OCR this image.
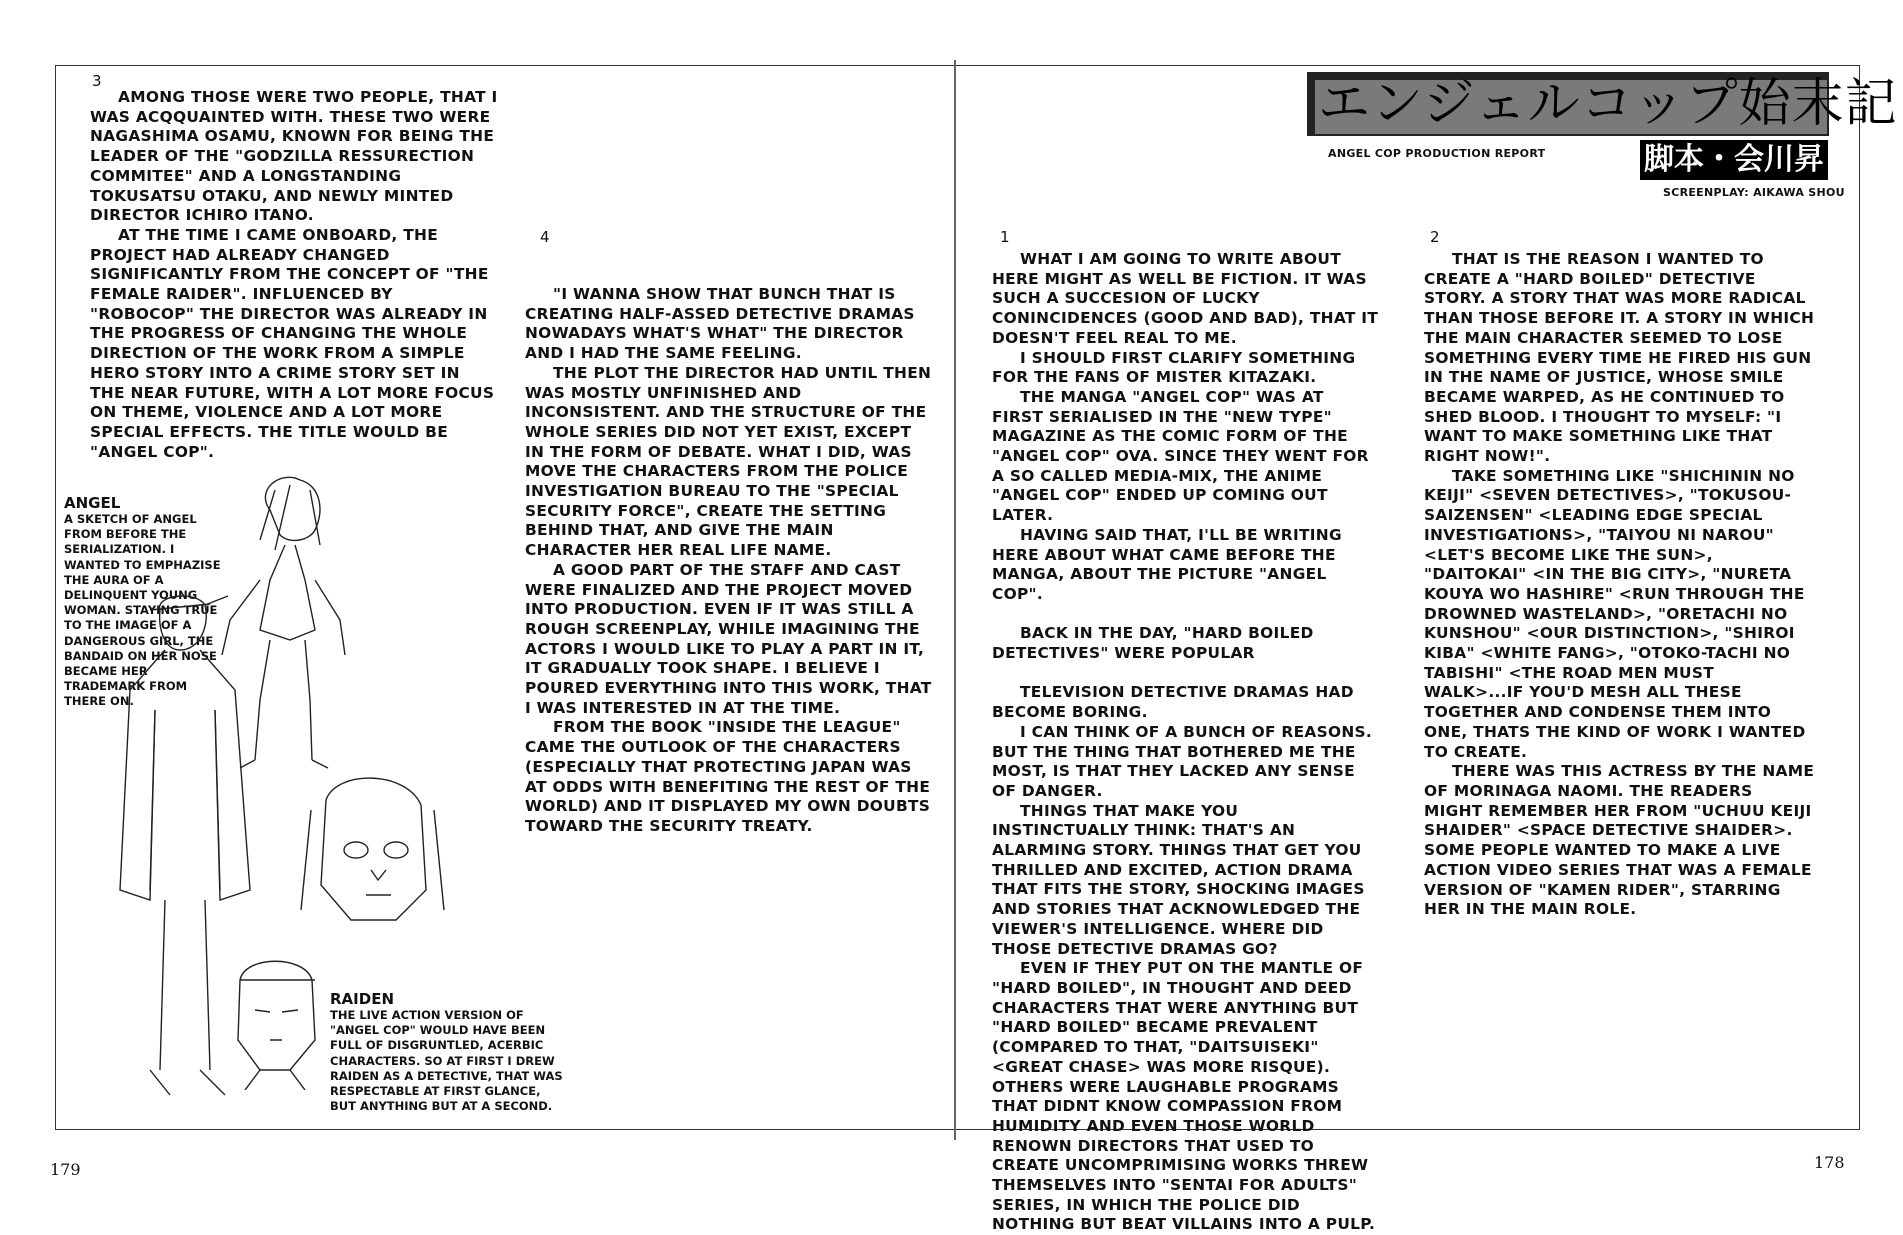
エンジェルコップ始末記
脚本・会川昇
ANGEL COP PRODUCTION REPORT
SCREENPLAY: AIKAWA SHOU
3

AMONG THOSE WERE TWO PEOPLE, THAT I WAS ACQQUAINTED WITH. THESE TWO WERE NAGASHIMA OSAMU, KNOWN FOR BEING THE LEADER OF THE "GODZILLA RESSURECTION COMMITEE" AND A LONGSTANDING TOKUSATSU OTAKU, AND NEWLY MINTED DIRECTOR ICHIRO ITANO.

AT THE TIME I CAME ONBOARD, THE PROJECT HAD ALREADY CHANGED SIGNIFICANTLY FROM THE CONCEPT OF "THE FEMALE RAIDER". INFLUENCED BY "ROBOCOP" THE DIRECTOR WAS ALREADY IN THE PROGRESS OF CHANGING THE WHOLE DIRECTION OF THE WORK FROM A SIMPLE HERO STORY INTO A CRIME STORY SET IN THE NEAR FUTURE, WITH A LOT MORE FOCUS ON THEME, VIOLENCE AND A LOT MORE SPECIAL EFFECTS. THE TITLE WOULD BE "ANGEL COP".

4

"I WANNA SHOW THAT BUNCH THAT IS CREATING HALF-ASSED DETECTIVE DRAMAS NOWADAYS WHAT'S WHAT" THE DIRECTOR AND I HAD THE SAME FEELING.

THE PLOT THE DIRECTOR HAD UNTIL THEN WAS MOSTLY UNFINISHED AND INCONSISTENT. AND THE STRUCTURE OF THE WHOLE SERIES DID NOT YET EXIST, EXCEPT IN THE FORM OF DEBATE. WHAT I DID, WAS MOVE THE CHARACTERS FROM THE POLICE INVESTIGATION BUREAU TO THE "SPECIAL SECURITY FORCE", CREATE THE SETTING BEHIND THAT, AND GIVE THE MAIN CHARACTER HER REAL LIFE NAME.

A GOOD PART OF THE STAFF AND CAST WERE FINALIZED AND THE PROJECT MOVED INTO PRODUCTION. EVEN IF IT WAS STILL A ROUGH SCREENPLAY, WHILE IMAGINING THE ACTORS I WOULD LIKE TO PLAY A PART IN IT, IT GRADUALLY TOOK SHAPE. I BELIEVE I POURED EVERYTHING INTO THIS WORK, THAT I WAS INTERESTED IN AT THE TIME.

FROM THE BOOK "INSIDE THE LEAGUE" CAME THE OUTLOOK OF THE CHARACTERS (ESPECIALLY THAT PROTECTING JAPAN WAS AT ODDS WITH BENEFITING THE REST OF THE WORLD) AND IT DISPLAYED MY OWN DOUBTS TOWARD THE SECURITY TREATY.

1

WHAT I AM GOING TO WRITE ABOUT HERE MIGHT AS WELL BE FICTION. IT WAS SUCH A SUCCESION OF LUCKY CONINCIDENCES (GOOD AND BAD), THAT IT DOESN'T FEEL REAL TO ME.

I SHOULD FIRST CLARIFY SOMETHING FOR THE FANS OF MISTER KITAZAKI.

THE MANGA "ANGEL COP" WAS AT FIRST SERIALISED IN THE "NEW TYPE" MAGAZINE AS THE COMIC FORM OF THE "ANGEL COP" OVA. SINCE THEY WENT FOR A SO CALLED MEDIA-MIX, THE ANIME "ANGEL COP" ENDED UP COMING OUT LATER.

HAVING SAID THAT, I'LL BE WRITING HERE ABOUT WHAT CAME BEFORE THE MANGA, ABOUT THE PICTURE "ANGEL COP".

BACK IN THE DAY, "HARD BOILED DETECTIVES" WERE POPULAR

TELEVISION DETECTIVE DRAMAS HAD BECOME BORING.

I CAN THINK OF A BUNCH OF REASONS. BUT THE THING THAT BOTHERED ME THE MOST, IS THAT THEY LACKED ANY SENSE OF DANGER.

THINGS THAT MAKE YOU INSTINCTUALLY THINK: THAT'S AN ALARMING STORY. THINGS THAT GET YOU THRILLED AND EXCITED, ACTION DRAMA THAT FITS THE STORY, SHOCKING IMAGES AND STORIES THAT ACKNOWLEDGED THE VIEWER'S INTELLIGENCE. WHERE DID THOSE DETECTIVE DRAMAS GO?

EVEN IF THEY PUT ON THE MANTLE OF "HARD BOILED", IN THOUGHT AND DEED CHARACTERS THAT WERE ANYTHING BUT "HARD BOILED" BECAME PREVALENT (COMPARED TO THAT, "DAITSUISEKI" <GREAT CHASE> WAS MORE RISQUE). OTHERS WERE LAUGHABLE PROGRAMS THAT DIDNT KNOW COMPASSION FROM HUMIDITY AND EVEN THOSE WORLD RENOWN DIRECTORS THAT USED TO CREATE UNCOMPRIMISING WORKS THREW THEMSELVES INTO "SENTAI FOR ADULTS" SERIES, IN WHICH THE POLICE DID NOTHING BUT BEAT VILLAINS INTO A PULP.

2

THAT IS THE REASON I WANTED TO CREATE A "HARD BOILED" DETECTIVE STORY. A STORY THAT WAS MORE RADICAL THAN THOSE BEFORE IT. A STORY IN WHICH THE MAIN CHARACTER SEEMED TO LOSE SOMETHING EVERY TIME HE FIRED HIS GUN IN THE NAME OF JUSTICE, WHOSE SMILE BECAME WARPED, AS HE CONTINUED TO SHED BLOOD. I THOUGHT TO MYSELF: "I WANT TO MAKE SOMETHING LIKE THAT RIGHT NOW!".

TAKE SOMETHING LIKE "SHICHININ NO KEIJI" <SEVEN DETECTIVES>, "TOKUSOU-SAIZENSEN" <LEADING EDGE SPECIAL INVESTIGATIONS>, "TAIYOU NI NAROU" <LET'S BECOME LIKE THE SUN>, "DAITOKAI" <IN THE BIG CITY>, "NURETA KOUYA WO HASHIRE" <RUN THROUGH THE DROWNED WASTELAND>, "ORETACHI NO KUNSHOU" <OUR DISTINCTION>, "SHIROI KIBA" <WHITE FANG>, "OTOKO-TACHI NO TABISHI" <THE ROAD MEN MUST WALK>...IF YOU'D MESH ALL THESE TOGETHER AND CONDENSE THEM INTO ONE, THATS THE KIND OF WORK I WANTED TO CREATE.

THERE WAS THIS ACTRESS BY THE NAME OF MORINAGA NAOMI. THE READERS MIGHT REMEMBER HER FROM "UCHUU KEIJI SHAIDER" <SPACE DETECTIVE SHAIDER>. SOME PEOPLE WANTED TO MAKE A LIVE ACTION VIDEO SERIES THAT WAS A FEMALE VERSION OF "KAMEN RIDER", STARRING HER IN THE MAIN ROLE.

ANGEL
A SKETCH OF ANGEL FROM BEFORE THE SERIALIZATION. I WANTED TO EMPHAZISE THE AURA OF A DELINQUENT YOUNG WOMAN. STAYING TRUE TO THE IMAGE OF A DANGEROUS GIRL, THE BANDAID ON HER NOSE BECAME HER TRADEMARK FROM THERE ON.
RAIDEN
THE LIVE ACTION VERSION OF "ANGEL COP" WOULD HAVE BEEN FULL OF DISGRUNTLED, ACERBIC CHARACTERS. SO AT FIRST I DREW RAIDEN AS A DETECTIVE, THAT WAS RESPECTABLE AT FIRST GLANCE, BUT ANYTHING BUT AT A SECOND.
179	178
